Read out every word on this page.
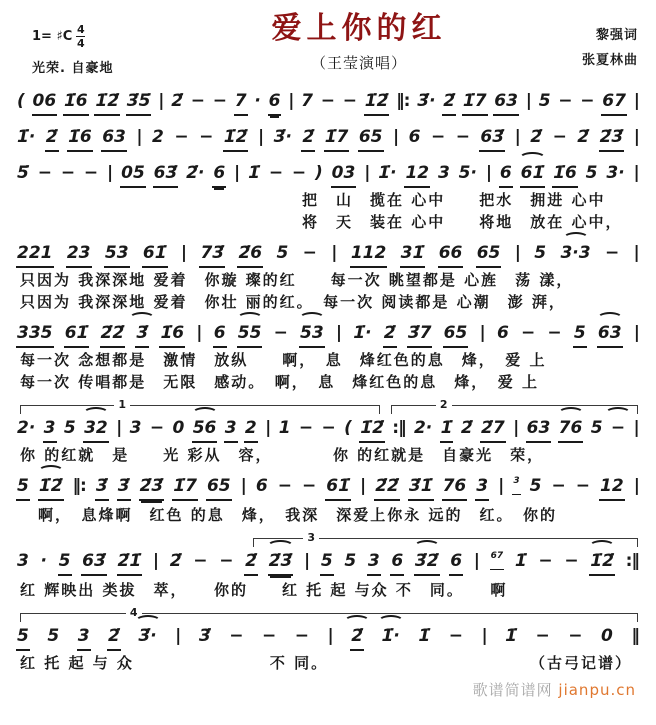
1= ♯C 4
4
光荣. 自豪地
爱上你的红
（王莹演唱）
黎强词
张夏林曲
( 06 1̇6 1̇2̇ 3̇5̇ | 2̇ − − 7 · 6 | 7 − − 1̇2̇ ‖: 3̇· 2̇ 1̇7 63 | 5 − − 67 |
1̇· 2̇ 1̇6 63 | 2 − − 1̇2̇ | 3̇· 2̇ 1̇7 65 | 6 − − 63̇ | 2̇ − 2̇ 2̇3̇ |
5̇ − − − | 05 63̇ 2̇· 6 | 1̇ − − ) 03 | 1̇· 12 3 5· | 6 61̇ 1̇6 5 3· |
把　山　揽在 心中　　把水　拥进 心中
将　天　装在 心中　　将地　放在 心中，
221 23 53 61̇ | 73̇ 2̇6 5 − | 112 31̇ 66 65 | 5 3·3 − |
只因为 我深深地 爱着　你璇 璨的红　　每一次 眺望都是 心旌　荡 漾，
只因为 我深深地 爱着　你壮 丽的红。　每一次 阅读都是 心潮　澎 湃，
335 61̇ 2̇2̇ 3̇ 1̇6 | 6 55 − 53 | 1̇· 2̇ 3̇7 65 | 6 − − 5 63 |
每一次 念想都是　激情　放纵　　啊，　息　烽红色的息　烽，　爱 上
每一次 传唱都是　无限　感动。　啊，　息　烽红色的息　烽，　爱 上
1	2
2· 3 5 32 | 3 − 0 56 3 2 | 1 − − ( 1̇2̇ :‖ 2· 1̇ 2̇ 2̇7 | 63 76 5 − |
你 的红就　是　　光 彩从　容，　　　　你 的红就是　自豪光　荣，
5 1̇2̇ ‖: 3̇ 3̇ 2̇3̇ 1̇7 65 | 6 − − 61̇ | 2̇2̇ 3̇1̇ 76 3 | 3 5 − − 12 |
啊，　息烽啊　红色 的息　烽，　我深　深爱上你永 远的　红。　你的
3
3 · 5 63̇ 2̇1̇ | 2̇ − − 2̇ 2̇3̇ | 5 5 3 6 3̇2̇ 6 | 67 1̇ − − 1̇2̇ :‖
红 辉映出 类拔　萃，　　你的　　红 托 起 与众 不　同。　　啊
4
5 5 3 2̇ 3̇· | 3̇ − − − | 2̇ 1̇· 1̇ − | 1̇ − − 0 ‖
红 托 起 与 众　　　　　　　　不 同。	（古弓记谱）
歌谱简谱网 jianpu.cn
